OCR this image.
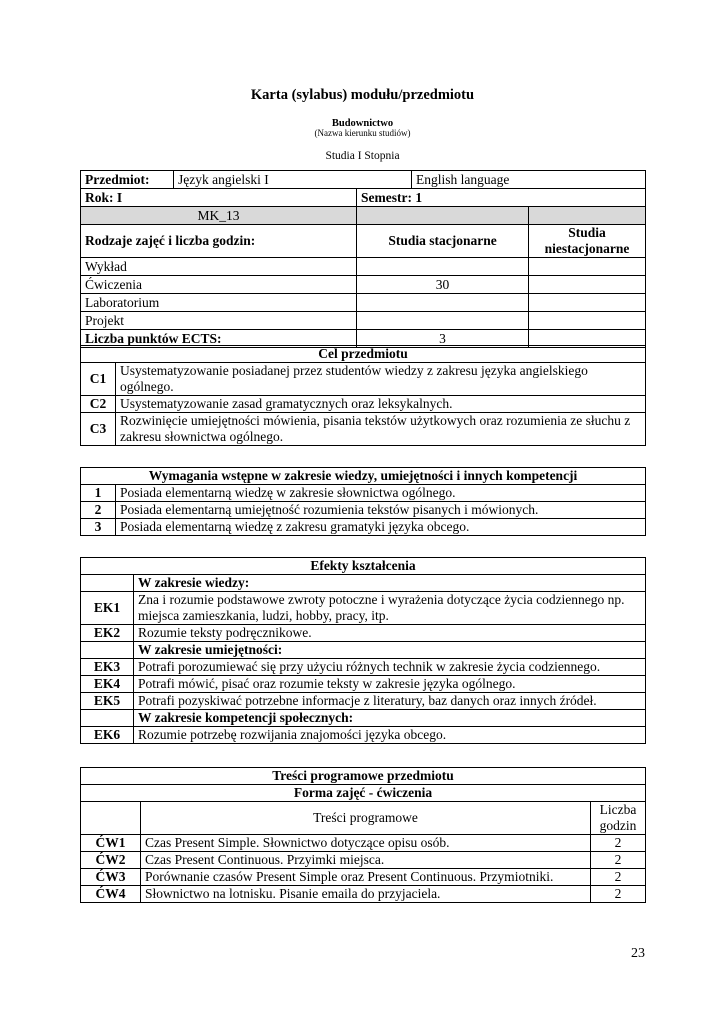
Karta (sylabus) modułu/przedmiotu
Budownictwo
(Nazwa kierunku studiów)
Studia I Stopnia
Przedmiot:	Język angielski I		English language	
Rok: I		Semestr: 1		
MK_13				
Rodzaje zajęć i liczba godzin:		Studia stacjonarne		Studia niestacjonarne
Wykład				
Ćwiczenia		30		
Laboratorium				
Projekt				
Liczba punktów ECTS:		3		
Cel przedmiotu	
C1	Usystematyzowanie posiadanej przez studentów wiedzy z zakresu języka angielskiego ogólnego.
C2	Usystematyzowanie zasad gramatycznych oraz leksykalnych.
C3	Rozwinięcie umiejętności mówienia, pisania tekstów użytkowych oraz rozumienia ze słuchu z zakresu słownictwa ogólnego.
Wymagania wstępne w zakresie wiedzy, umiejętności i innych kompetencji	
1	Posiada elementarną wiedzę w zakresie słownictwa ogólnego.
2	Posiada elementarną umiejętność rozumienia tekstów pisanych i mówionych.
3	Posiada elementarną wiedzę z zakresu gramatyki języka obcego.
Efekty kształcenia	
	W zakresie wiedzy:
EK1	Zna i rozumie podstawowe zwroty potoczne i wyrażenia dotyczące życia codziennego np. miejsca zamieszkania, ludzi, hobby, pracy, itp.
EK2	Rozumie teksty podręcznikowe.
	W zakresie umiejętności:
EK3	Potrafi porozumiewać się przy użyciu różnych technik w zakresie życia codziennego.
EK4	Potrafi mówić, pisać oraz rozumie teksty w zakresie języka ogólnego.
EK5	Potrafi pozyskiwać potrzebne informacje z literatury, baz danych oraz innych źródeł.
	W zakresie kompetencji społecznych:
EK6	Rozumie potrzebę rozwijania znajomości języka obcego.
Treści programowe przedmiotu		
Forma zajęć - ćwiczenia		
	Treści programowe	Liczba godzin
ĆW1	Czas Present Simple. Słownictwo dotyczące opisu osób.	2
ĆW2	Czas Present Continuous. Przyimki miejsca.	2
ĆW3	Porównanie czasów Present Simple oraz Present Continuous. Przymiotniki.	2
ĆW4	Słownictwo na lotnisku. Pisanie emaila do przyjaciela.	2
23
